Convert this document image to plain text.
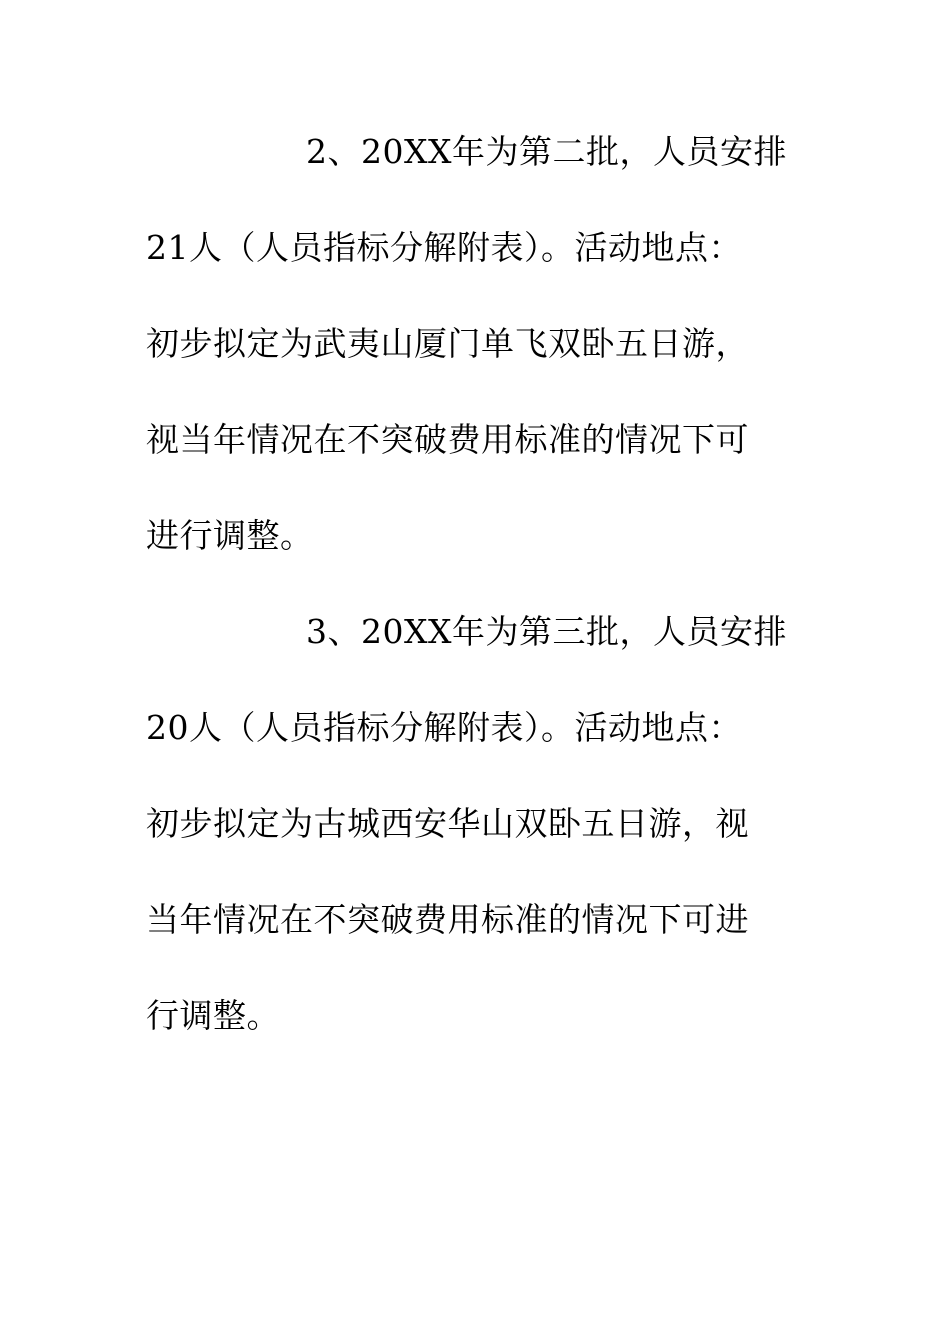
2、20XX年为第二批，人员安排
21人（人员指标分解附表）。活动地点：
初步拟定为武夷山厦门单飞双卧五日游，
视当年情况在不突破费用标准的情况下可
进行调整。
3、20XX年为第三批，人员安排
20人（人员指标分解附表）。活动地点：
初步拟定为古城西安华山双卧五日游，视
当年情况在不突破费用标准的情况下可进
行调整。
